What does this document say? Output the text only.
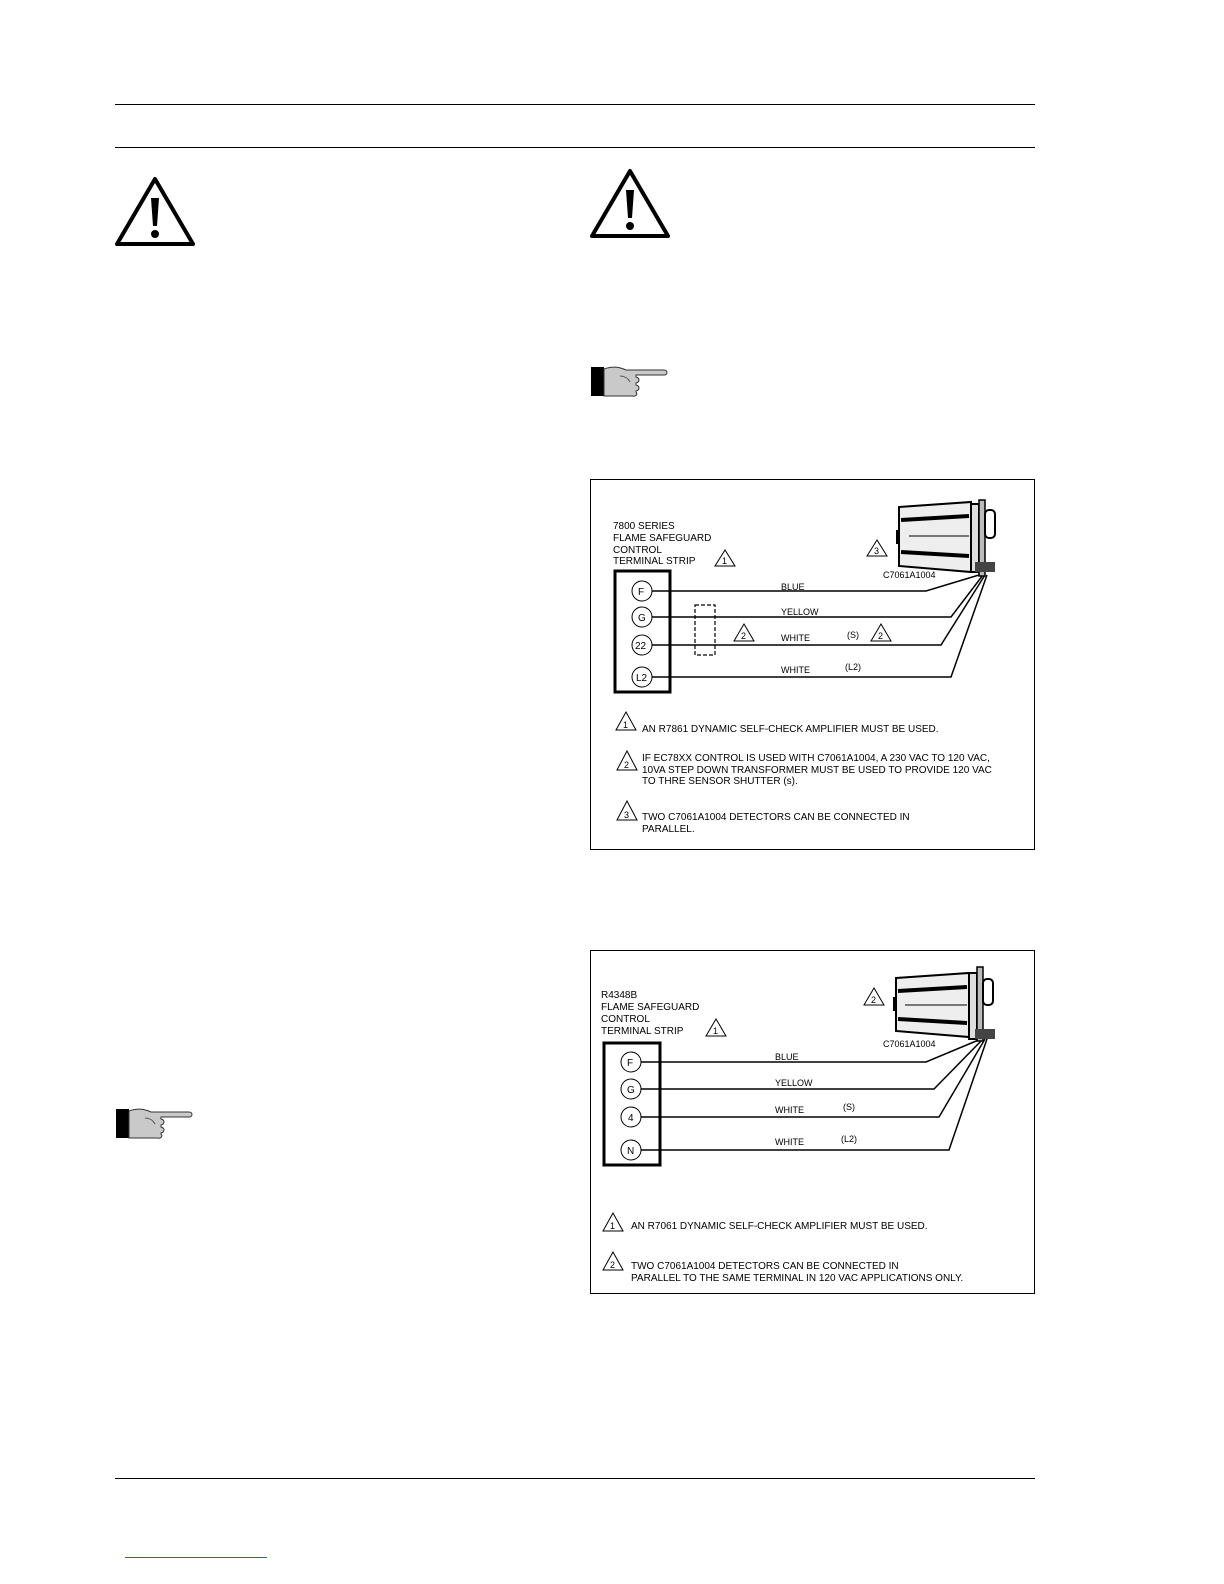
7800 SERIES
FLAME SAFEGUARD
CONTROL
TERMINAL STRIP	1
F
G
22
L2
BLUE
YELLOW
WHITE	(S)
WHITE	(L2)
2	2
3
C7061A1004
1 AN R7861 DYNAMIC SELF-CHECK AMPLIFIER MUST BE USED.
2
IF EC78XX CONTROL IS USED WITH C7061A1004, A 230 VAC TO 120 VAC,
10VA STEP DOWN TRANSFORMER MUST BE USED TO PROVIDE 120 VAC
TO THRE SENSOR SHUTTER (s).
3 TWO C7061A1004 DETECTORS CAN BE CONNECTED IN
PARALLEL.
R4348B
FLAME SAFEGUARD
CONTROL
TERMINAL STRIP	1
F
G
4
N
BLUE
YELLOW
WHITE	(S)
WHITE	(L2)
2
C7061A1004
1 AN R7061 DYNAMIC SELF-CHECK AMPLIFIER MUST BE USED.
2 TWO C7061A1004 DETECTORS CAN BE CONNECTED IN
PARALLEL TO THE SAME TERMINAL IN 120 VAC APPLICATIONS ONLY.
